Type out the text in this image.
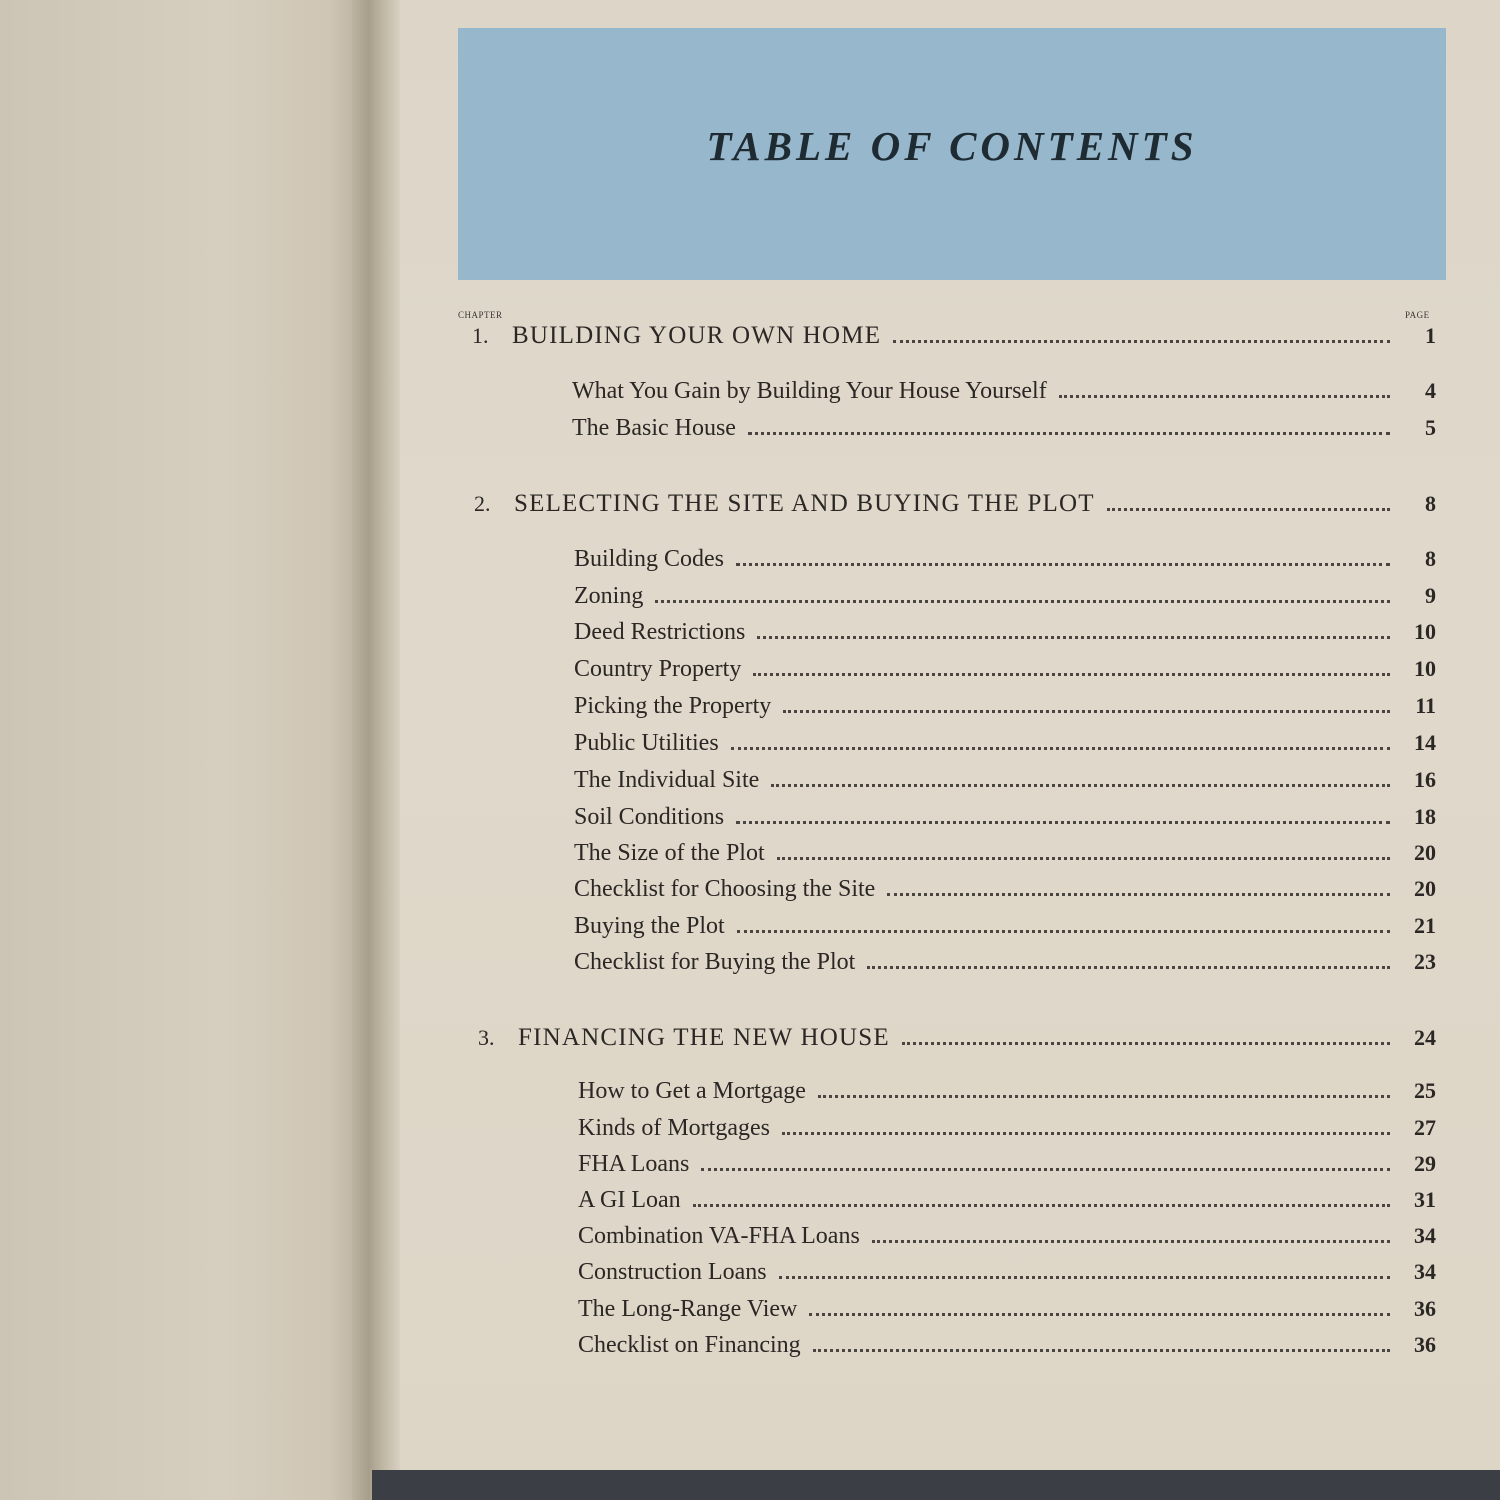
TABLE OF CONTENTS
CHAPTER	PAGE
1. BUILDING YOUR OWN HOME	1
What You Gain by Building Your House Yourself	4
The Basic House	5
2. SELECTING THE SITE AND BUYING THE PLOT	8
Building Codes	8
Zoning	9
Deed Restrictions	10
Country Property	10
Picking the Property	11
Public Utilities	14
The Individual Site	16
Soil Conditions	18
The Size of the Plot	20
Checklist for Choosing the Site	20
Buying the Plot	21
Checklist for Buying the Plot	23
3. FINANCING THE NEW HOUSE	24
How to Get a Mortgage	25
Kinds of Mortgages	27
FHA Loans	29
A GI Loan	31
Combination VA-FHA Loans	34
Construction Loans	34
The Long-Range View	36
Checklist on Financing	36
